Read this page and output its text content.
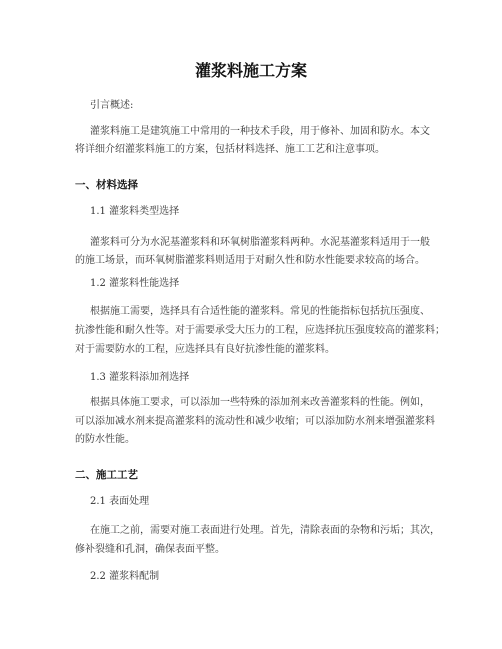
灌浆料施工方案
引言概述:
灌浆料施工是建筑施工中常用的一种技术手段，用于修补、加固和防水。本文
将详细介绍灌浆料施工的方案，包括材料选择、施工工艺和注意事项。
一、材料选择
1.1 灌浆料类型选择
灌浆料可分为水泥基灌浆料和环氧树脂灌浆料两种。水泥基灌浆料适用于一般
的施工场景，而环氧树脂灌浆料则适用于对耐久性和防水性能要求较高的场合。
1.2 灌浆料性能选择
根据施工需要，选择具有合适性能的灌浆料。常见的性能指标包括抗压强度、
抗渗性能和耐久性等。对于需要承受大压力的工程，应选择抗压强度较高的灌浆料；
对于需要防水的工程，应选择具有良好抗渗性能的灌浆料。
1.3 灌浆料添加剂选择
根据具体施工要求，可以添加一些特殊的添加剂来改善灌浆料的性能。例如，
可以添加减水剂来提高灌浆料的流动性和减少收缩；可以添加防水剂来增强灌浆料
的防水性能。
二、施工工艺
2.1 表面处理
在施工之前，需要对施工表面进行处理。首先，清除表面的杂物和污垢；其次，
修补裂缝和孔洞，确保表面平整。
2.2 灌浆料配制
